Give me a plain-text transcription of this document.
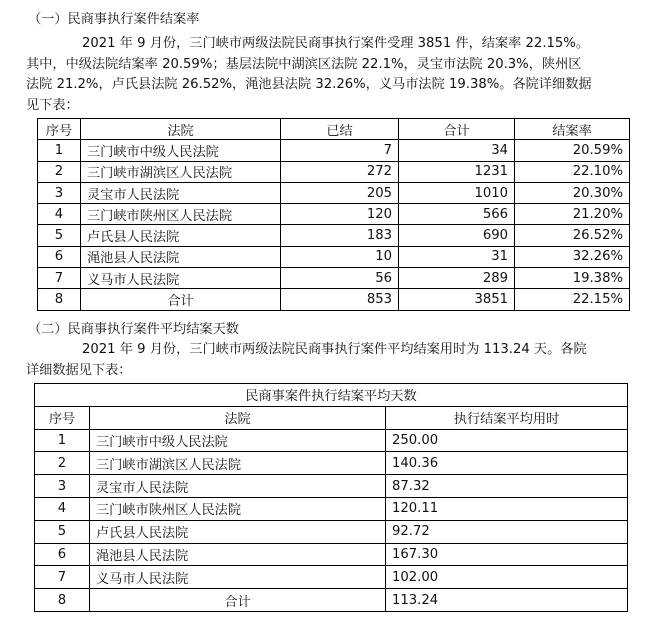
（一）民商事执行案件结案率
2021 年 9 月份，三门峡市两级法院民商事执行案件受理 3851 件，结案率 22.15%。
其中，中级法院结案率 20.59%；基层法院中湖滨区法院 22.1%，灵宝市法院 20.3%，陕州区
法院 21.2%，卢氏县法院 26.52%，渑池县法院 32.26%，义马市法院 19.38%。各院详细数据
见下表：
序号	法院	已结	合计	结案率
1	三门峡市中级人民法院	7	34	20.59%
2	三门峡市湖滨区人民法院	272	1231	22.10%
3	灵宝市人民法院	205	1010	20.30%
4	三门峡市陕州区人民法院	120	566	21.20%
5	卢氏县人民法院	183	690	26.52%
6	渑池县人民法院	10	31	32.26%
7	义马市人民法院	56	289	19.38%
8	合计	853	3851	22.15%
（二）民商事执行案件平均结案天数
2021 年 9 月份，三门峡市两级法院民商事执行案件平均结案用时为 113.24 天。各院
详细数据见下表：
民商事案件执行结案平均天数		
序号	法院	执行结案平均用时
1	三门峡市中级人民法院	250.00
2	三门峡市湖滨区人民法院	140.36
3	灵宝市人民法院	87.32
4	三门峡市陕州区人民法院	120.11
5	卢氏县人民法院	92.72
6	渑池县人民法院	167.30
7	义马市人民法院	102.00
8	合计	113.24
